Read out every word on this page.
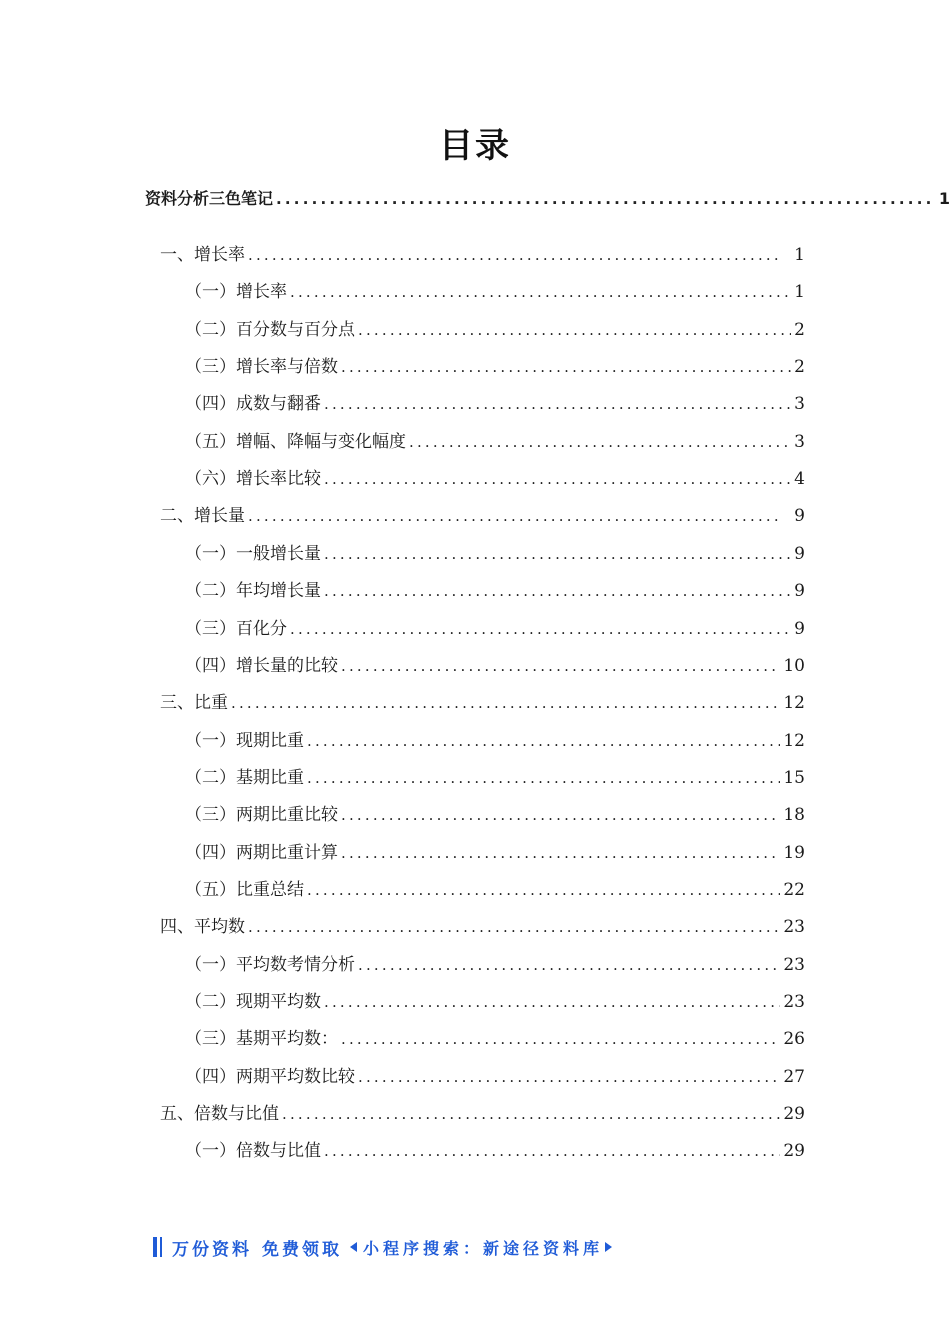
目录
资料分析三色笔记 .....	1
一、增长率 .....	1
（一）增长率 .....	1
（二）百分数与百分点 .....	2
（三）增长率与倍数 .....	2
（四）成数与翻番 .....	3
（五）增幅、降幅与变化幅度 .....	3
（六）增长率比较 .....	4
二、增长量 .....	9
（一）一般增长量 .....	9
（二）年均增长量 .....	9
（三）百化分 .....	9
（四）增长量的比较 .....	10
三、比重 .....	12
（一）现期比重 .....	12
（二）基期比重 .....	15
（三）两期比重比较 .....	18
（四）两期比重计算 .....	19
（五）比重总结 .....	22
四、平均数 .....	23
（一）平均数考情分析 .....	23
（二）现期平均数 .....	23
（三）基期平均数： .....	26
（四）两期平均数比较 .....	27
五、倍数与比值 .....	29
（一）倍数与比值 .....	29
万份资料 免费领取 小程序搜索：新途径资料库
